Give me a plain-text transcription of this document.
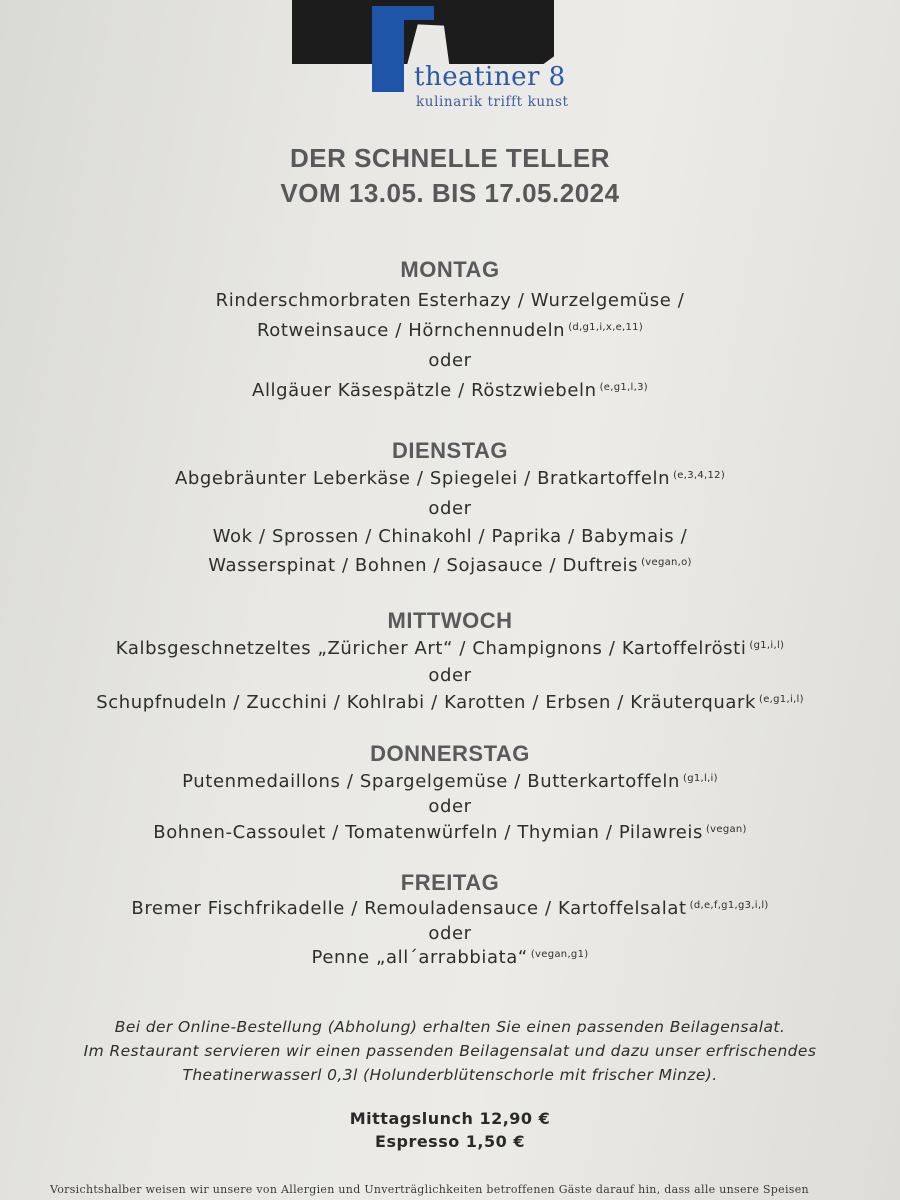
theatiner 8
kulinarik trifft kunst
DER SCHNELLE TELLER
VOM 13.05. BIS 17.05.2024
MONTAG
Rinderschmorbraten Esterhazy / Wurzelgemüse /
Rotweinsauce / Hörnchennudeln $^{(d,g1,i,x,e,11)}$
oder
Allgäuer Käsespätzle / Röstzwiebeln $^{(e,g1,l,3)}$
DIENSTAG
Abgebräunter Leberkäse / Spiegelei / Bratkartoffeln $^{(e,3,4,12)}$
oder
Wok / Sprossen / Chinakohl / Paprika / Babymais /
Wasserspinat / Bohnen / Sojasauce / Duftreis $^{(vegan,o)}$
MITTWOCH
Kalbsgeschnetzeltes „Züricher Art“ / Champignons / Kartoffelrösti $^{(g1,i,l)}$
oder
Schupfnudeln / Zucchini / Kohlrabi / Karotten / Erbsen / Kräuterquark $^{(e,g1,i,l)}$
DONNERSTAG
Putenmedaillons / Spargelgemüse / Butterkartoffeln $^{(g1,l,i)}$
oder
Bohnen-Cassoulet / Tomatenwürfeln / Thymian / Pilawreis $^{(vegan)}$
FREITAG
Bremer Fischfrikadelle / Remouladensauce / Kartoffelsalat $^{(d,e,f,g1,g3,i,l)}$
oder
Penne „all´arrabbiata“ $^{(vegan,g1)}$
Bei der Online-Bestellung (Abholung) erhalten Sie einen passenden Beilagensalat.
Im Restaurant servieren wir einen passenden Beilagensalat und dazu unser erfrischendes
Theatinerwasserl 0,3l (Holunderblütenschorle mit frischer Minze).
Mittagslunch 12,90 €
Espresso 1,50 €
Vorsichtshalber weisen wir unsere von Allergien und Unverträglichkeiten betroffenen Gäste darauf hin, dass alle unsere Speisen
